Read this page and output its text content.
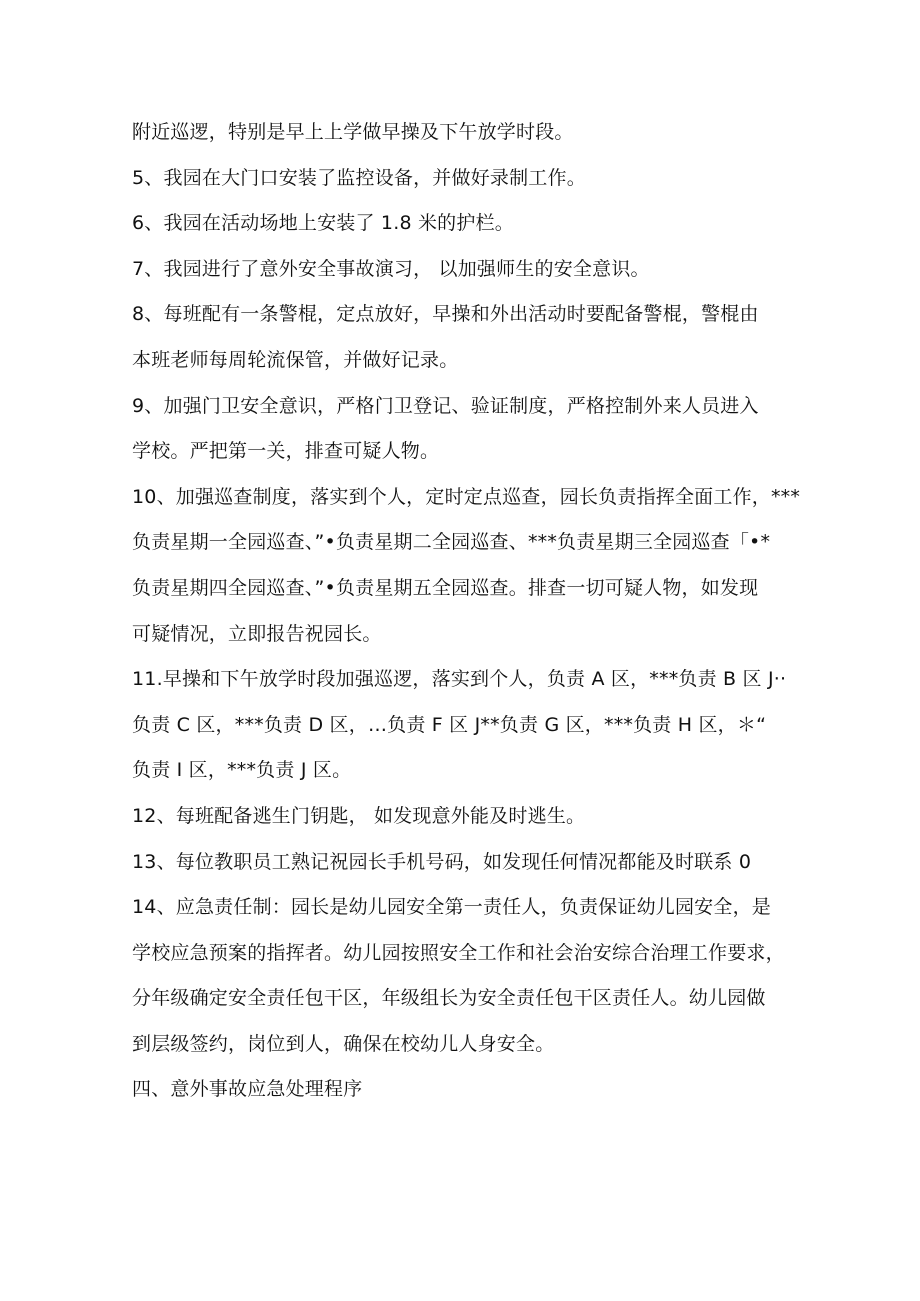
附近巡逻，特别是早上上学做早操及下午放学时段。
5、我园在大门口安装了监控设备，并做好录制工作。
6、我园在活动场地上安装了 1.8 米的护栏。
7、我园进行了意外安全事故演习， 以加强师生的安全意识。
8、每班配有一条警棍，定点放好，早操和外出活动时要配备警棍，警棍由
本班老师每周轮流保管，并做好记录。
9、加强门卫安全意识，严格门卫登记、验证制度，严格控制外来人员进入
学校。严把第一关，排查可疑人物。
10、加强巡查制度，落实到个人，定时定点巡查，园长负责指挥全面工作，***
负责星期一全园巡查、”•负责星期二全园巡查、***负责星期三全园巡查「•*
负责星期四全园巡查、”•负责星期五全园巡查。排查一切可疑人物，如发现
可疑情况，立即报告祝园长。
11.早操和下午放学时段加强巡逻，落实到个人，负责 A 区，***负责 B 区 J··
负责 C 区，***负责 D 区，…负责 F 区 J**负责 G 区，***负责 H 区，＊“
负责 I 区，***负责 J 区。
12、每班配备逃生门钥匙， 如发现意外能及时逃生。
13、每位教职员工熟记祝园长手机号码，如发现任何情况都能及时联系 0
14、应急责任制：园长是幼儿园安全第一责任人，负责保证幼儿园安全，是
学校应急预案的指挥者。幼儿园按照安全工作和社会治安综合治理工作要求，
分年级确定安全责任包干区，年级组长为安全责任包干区责任人。幼儿园做
到层级签约，岗位到人，确保在校幼儿人身安全。
四、意外事故应急处理程序
